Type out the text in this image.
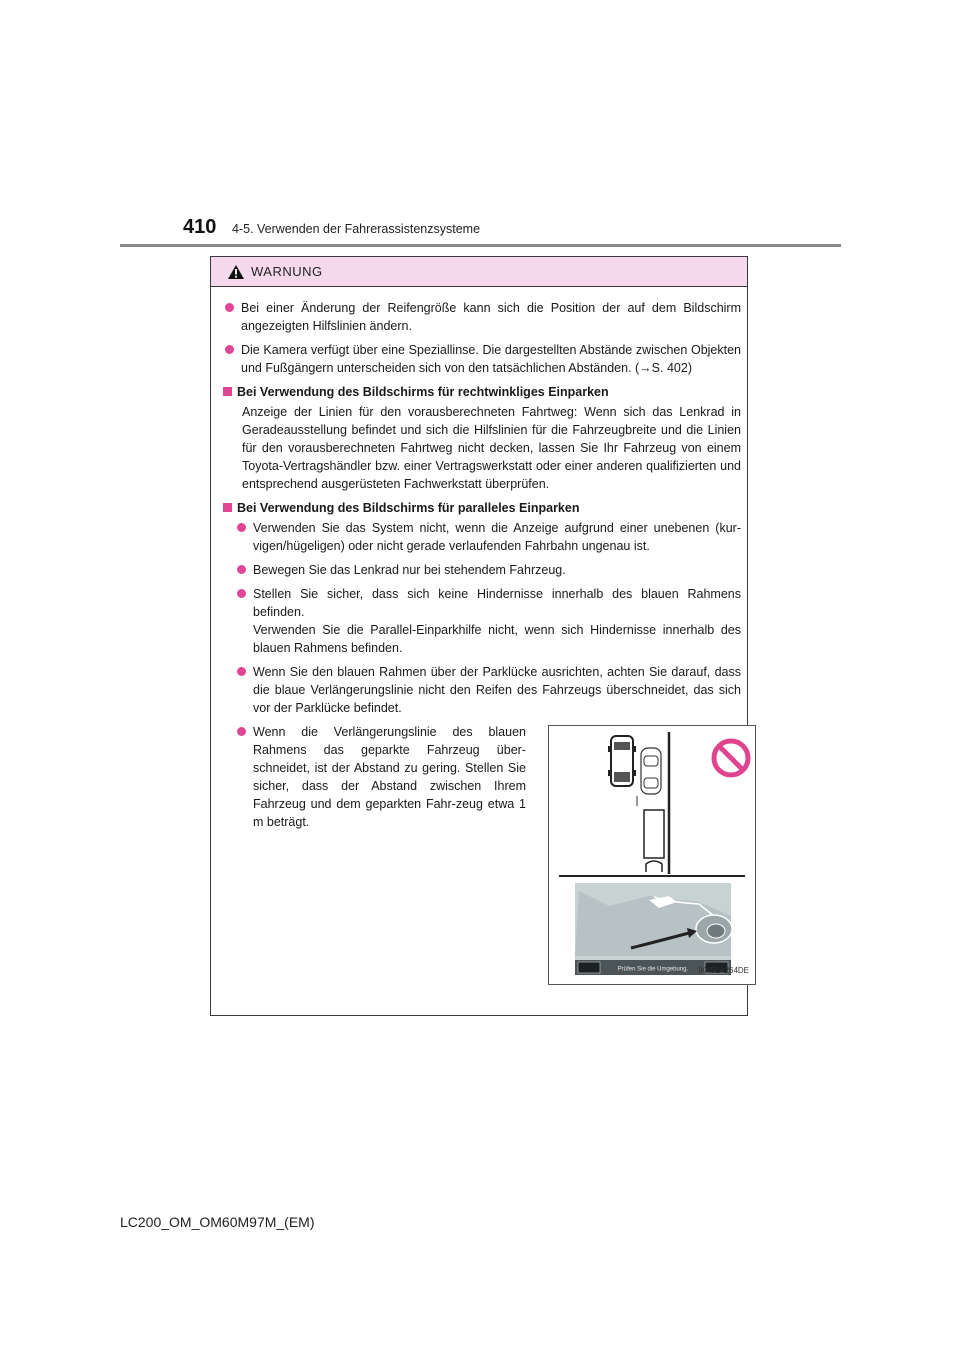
410 4-5. Verwenden der Fahrerassistenzsysteme
WARNUNG
Bei einer Änderung der Reifengröße kann sich die Position der auf dem Bildschirm angezeigten Hilfslinien ändern.
Die Kamera verfügt über eine Speziallinse. Die dargestellten Abstände zwischen Objekten und Fußgängern unterscheiden sich von den tatsächlichen Abständen. (→S. 402)
Bei Verwendung des Bildschirms für rechtwinkliges Einparken
Anzeige der Linien für den vorausberechneten Fahrtweg: Wenn sich das Lenkrad in Geradeausstellung befindet und sich die Hilfslinien für die Fahrzeugbreite und die Linien für den vorausberechneten Fahrtweg nicht decken, lassen Sie Ihr Fahrzeug von einem Toyota-Vertragshändler bzw. einer Vertragswerkstatt oder einer anderen qualifizierten und entsprechend ausgerüsteten Fachwerkstatt überprüfen.
Bei Verwendung des Bildschirms für paralleles Einparken
Verwenden Sie das System nicht, wenn die Anzeige aufgrund einer unebenen (kur-vigen/hügeligen) oder nicht gerade verlaufenden Fahrbahn ungenau ist.
Bewegen Sie das Lenkrad nur bei stehendem Fahrzeug.
Stellen Sie sicher, dass sich keine Hindernisse innerhalb des blauen Rahmens befinden.
Verwenden Sie die Parallel-Einparkhilfe nicht, wenn sich Hindernisse innerhalb des blauen Rahmens befinden.
Wenn Sie den blauen Rahmen über der Parklücke ausrichten, achten Sie darauf, dass die blaue Verlängerungslinie nicht den Reifen des Fahrzeugs überschneidet, das sich vor der Parklücke befindet.
Wenn die Verlängerungslinie des blauen Rahmens das geparkte Fahrzeug über-schneidet, ist der Abstand zu gering. Stellen Sie sicher, dass der Abstand zwischen Ihrem Fahrzeug und dem geparkten Fahr-zeug etwa 1 m beträgt.
Prüfen Sie die Umgebung. IK45LA264DE
LC200_OM_OM60M97M_(EM)
